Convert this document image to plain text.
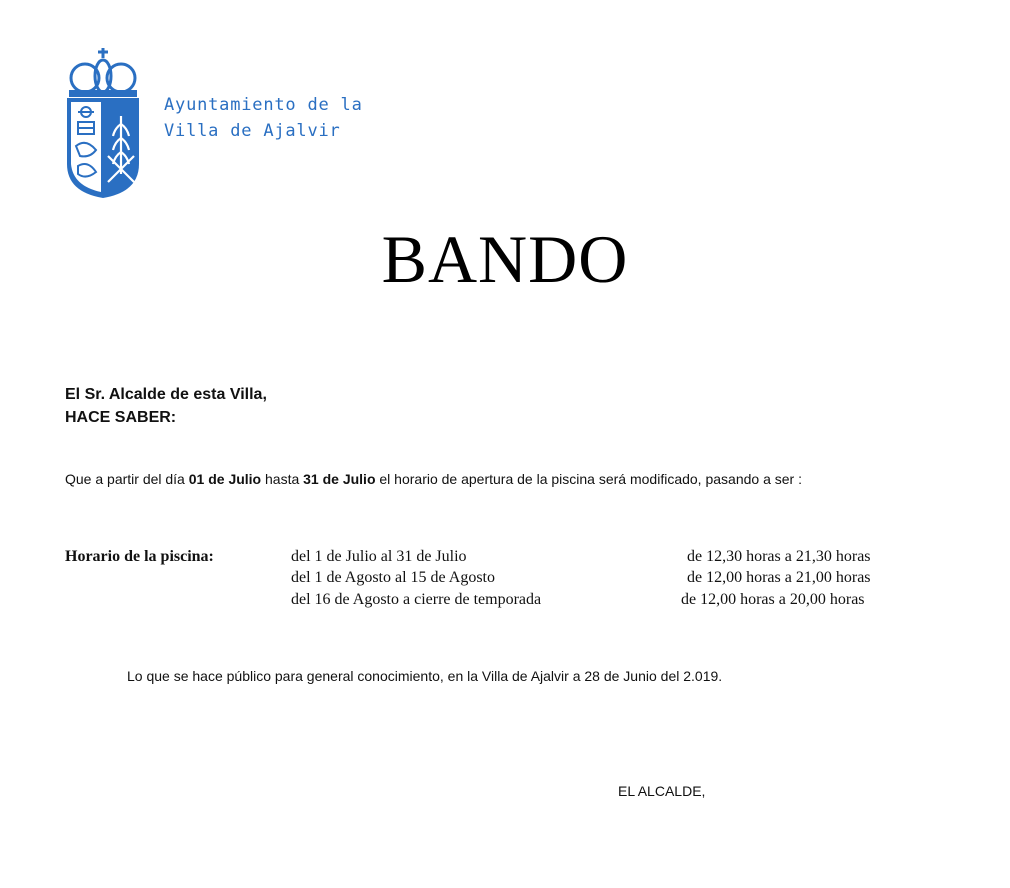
Ayuntamiento de la
Villa de Ajalvir
BANDO
El Sr. Alcalde de esta Villa,
HACE SABER:
Que a partir del día 01 de Julio hasta 31 de Julio el horario de apertura de la piscina será modificado, pasando a ser :
Horario de la piscina:	del 1 de Julio al 31 de Julio	de 12,30 horas a 21,30 horas
del 1 de Agosto al 15 de Agosto	de 12,00 horas a 21,00 horas
del 16 de Agosto a cierre de temporada	de 12,00 horas a 20,00 horas
Lo que se hace público para general conocimiento, en la Villa de Ajalvir a 28 de Junio del 2.019.
EL ALCALDE,
